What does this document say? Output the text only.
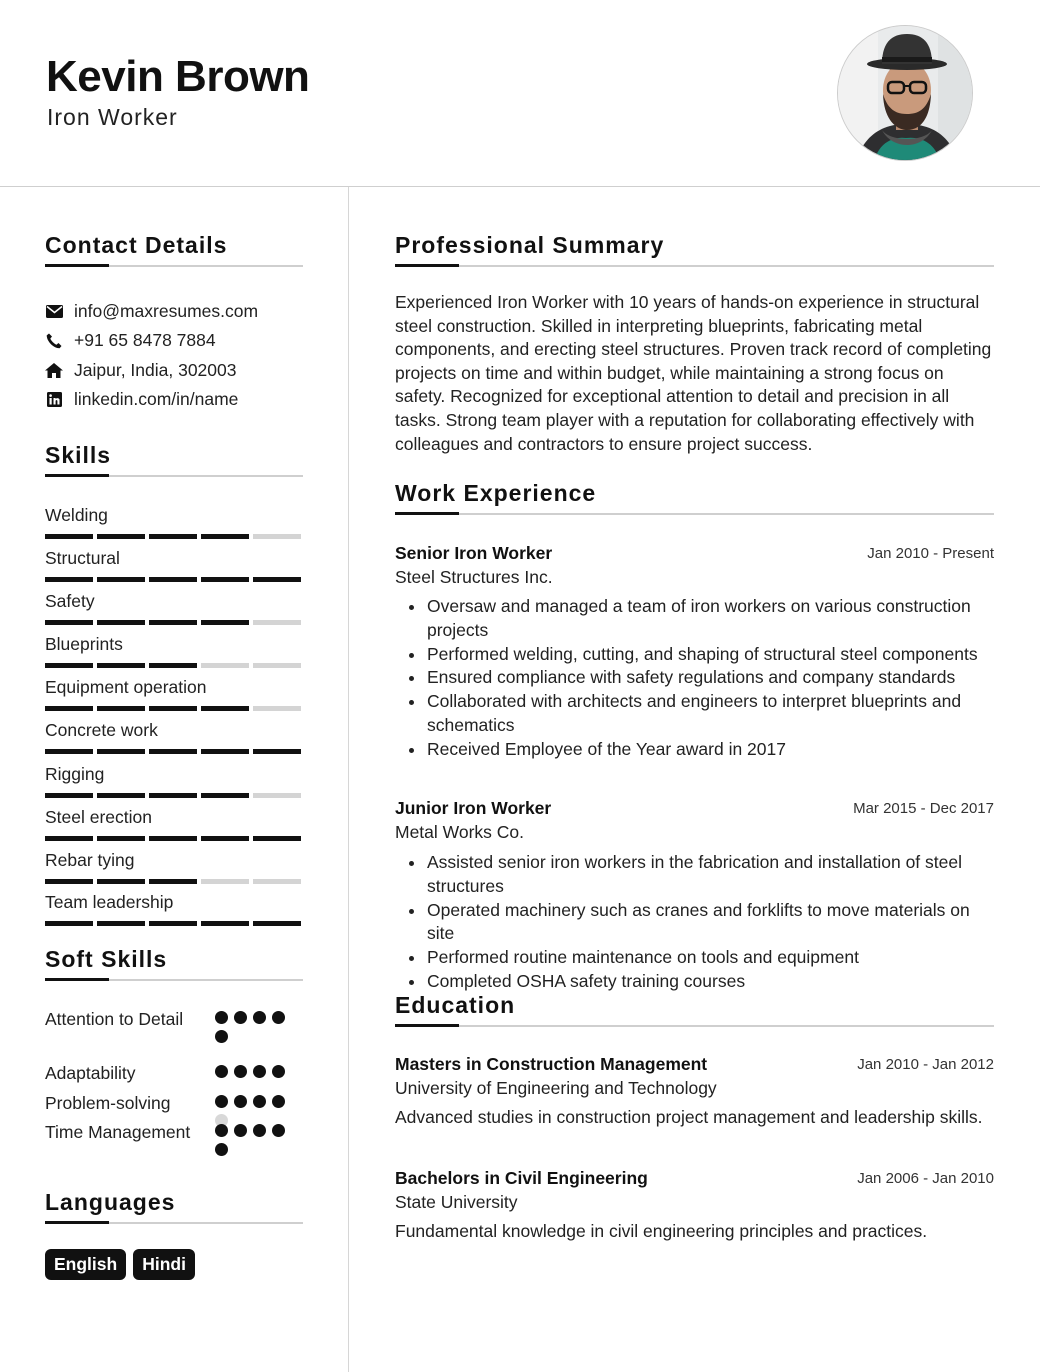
Kevin Brown
Iron Worker
Contact Details
info@maxresumes.com
+91 65 8478 7884
Jaipur, India, 302003
linkedin.com/in/name
Skills
Welding
Structural
Safety
Blueprints
Equipment operation
Concrete work
Rigging
Steel erection
Rebar tying
Team leadership
Soft Skills
Attention to Detail
Adaptability
Problem-solving
Time Management
Languages
English	Hindi
Professional Summary

Experienced Iron Worker with 10 years of hands-on experience in structural steel construction. Skilled in interpreting blueprints, fabricating metal components, and erecting steel structures. Proven track record of completing projects on time and within budget, while maintaining a strong focus on safety. Recognized for exceptional attention to detail and precision in all tasks. Strong team player with a reputation for collaborating effectively with colleagues and contractors to ensure project success.

Work Experience
Senior Iron Worker	Jan 2010 - Present
Steel Structures Inc.
Oversaw and managed a team of iron workers on various construction projects
Performed welding, cutting, and shaping of structural steel components
Ensured compliance with safety regulations and company standards
Collaborated with architects and engineers to interpret blueprints and schematics
Received Employee of the Year award in 2017
Junior Iron Worker	Mar 2015 - Dec 2017
Metal Works Co.
Assisted senior iron workers in the fabrication and installation of steel structures
Operated machinery such as cranes and forklifts to move materials on site
Performed routine maintenance on tools and equipment
Completed OSHA safety training courses
Education
Masters in Construction Management	Jan 2010 - Jan 2012
University of Engineering and Technology

Advanced studies in construction project management and leadership skills.

Bachelors in Civil Engineering	Jan 2006 - Jan 2010
State University

Fundamental knowledge in civil engineering principles and practices.
